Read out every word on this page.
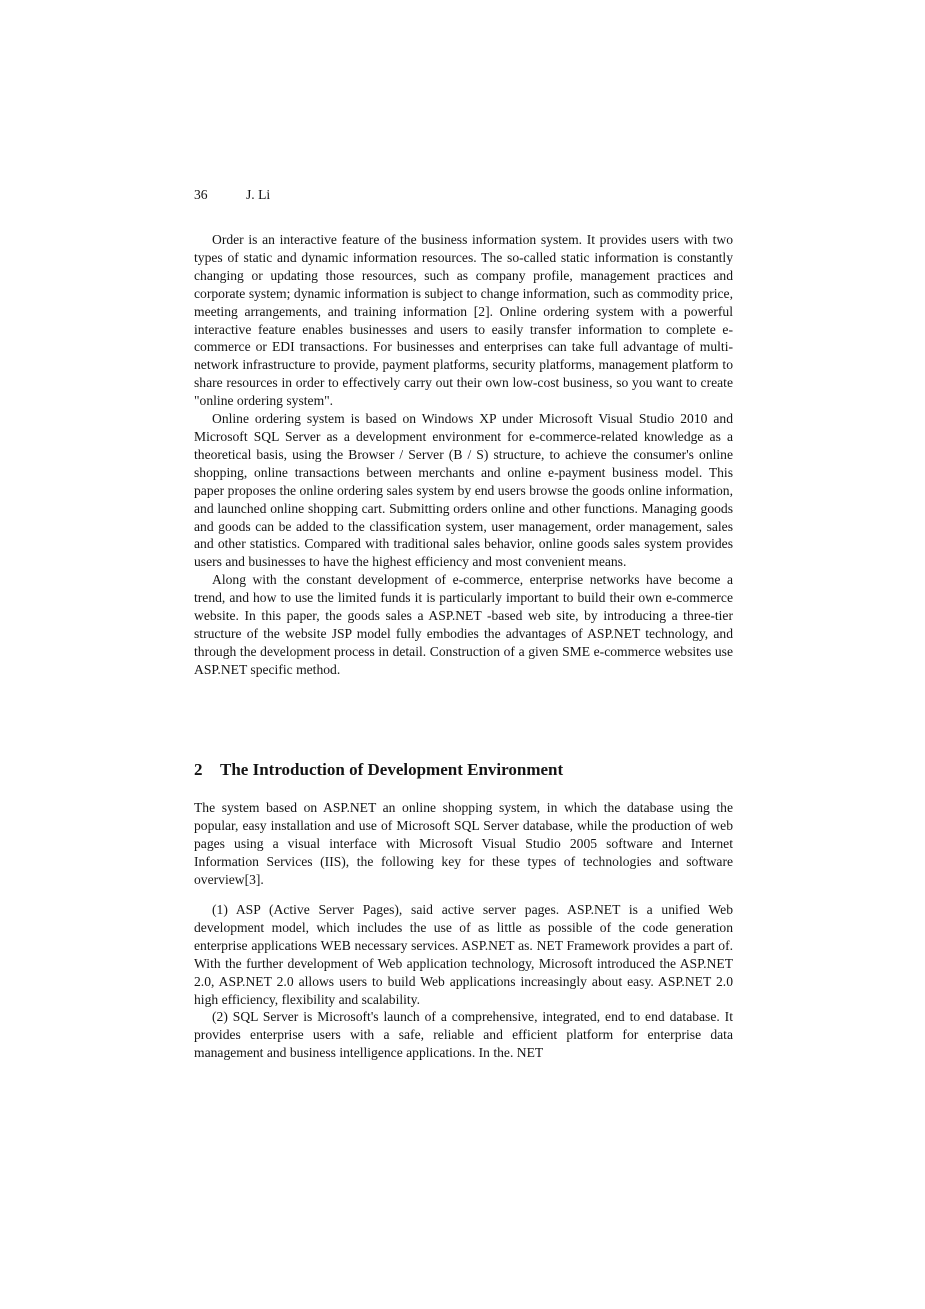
36	J. Li

Order is an interactive feature of the business information system. It provides users with two types of static and dynamic information resources. The so-called static information is constantly changing or updating those resources, such as company profile, management practices and corporate system; dynamic information is subject to change information, such as commodity price, meeting arrangements, and training information [2]. Online ordering system with a powerful interactive feature enables businesses and users to easily transfer information to complete e-commerce or EDI transactions. For businesses and enterprises can take full advantage of multi-network infrastructure to provide, payment platforms, security platforms, management platform to share resources in order to effectively carry out their own low-cost business, so you want to create "online ordering system".

Online ordering system is based on Windows XP under Microsoft Visual Studio 2010 and Microsoft SQL Server as a development environment for e-commerce-related knowledge as a theoretical basis, using the Browser / Server (B / S) structure, to achieve the consumer's online shopping, online transactions between merchants and online e-payment business model. This paper proposes the online ordering sales system by end users browse the goods online information, and launched online shopping cart. Submitting orders online and other functions. Managing goods and goods can be added to the classification system, user management, order management, sales and other statistics. Compared with traditional sales behavior, online goods sales system provides users and businesses to have the highest efficiency and most convenient means.

Along with the constant development of e-commerce, enterprise networks have become a trend, and how to use the limited funds it is particularly important to build their own e-commerce website. In this paper, the goods sales a ASP.NET -based web site, by introducing a three-tier structure of the website JSP model fully embodies the advantages of ASP.NET technology, and through the development process in detail. Construction of a given SME e-commerce websites use ASP.NET specific method.

2 The Introduction of Development Environment

The system based on ASP.NET an online shopping system, in which the database using the popular, easy installation and use of Microsoft SQL Server database, while the production of web pages using a visual interface with Microsoft Visual Studio 2005 software and Internet Information Services (IIS), the following key for these types of technologies and software overview[3].

(1) ASP (Active Server Pages), said active server pages. ASP.NET is a unified Web development model, which includes the use of as little as possible of the code generation enterprise applications WEB necessary services. ASP.NET as. NET Framework provides a part of. With the further development of Web application technology, Microsoft introduced the ASP.NET 2.0, ASP.NET 2.0 allows users to build Web applications increasingly about easy. ASP.NET 2.0 high efficiency, flexibility and scalability.

(2) SQL Server is Microsoft's launch of a comprehensive, integrated, end to end database. It provides enterprise users with a safe, reliable and efficient platform for enterprise data management and business intelligence applications. In the. NET
